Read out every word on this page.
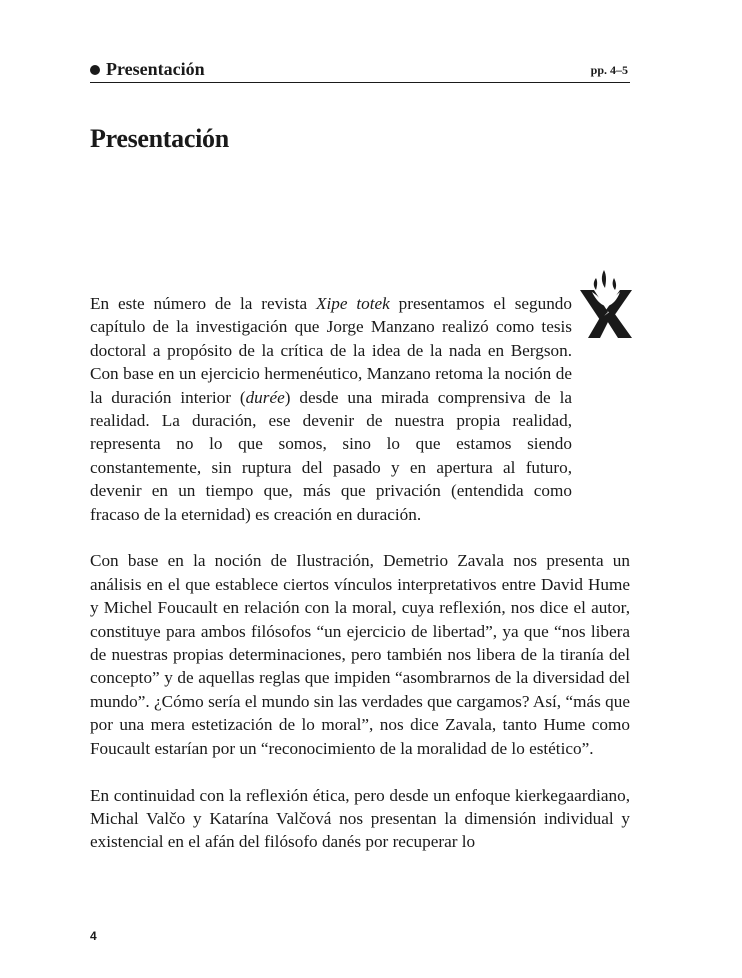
Presentación	pp. 4–5
Presentación

En este número de la revista Xipe totek presentamos el segundo capítulo de la investigación que Jorge Manzano realizó como tesis doctoral a propósito de la crítica de la idea de la nada en Bergson. Con base en un ejercicio hermenéutico, Manzano retoma la noción de la duración interior (durée) desde una mirada comprensiva de la realidad. La duración, ese devenir de nuestra propia realidad, representa no lo que somos, sino lo que estamos siendo constantemente, sin ruptura del pasado y en apertura al futuro, devenir en un tiempo que, más que privación (entendida como fracaso de la eternidad) es creación en duración.

Con base en la noción de Ilustración, Demetrio Zavala nos presenta un análisis en el que establece ciertos vínculos interpretativos entre David Hume y Michel Foucault en relación con la moral, cuya reflexión, nos dice el autor, constituye para ambos filósofos “un ejercicio de libertad”, ya que “nos libera de nuestras propias determinaciones, pero también nos libera de la tiranía del concepto” y de aquellas reglas que impiden “asombrarnos de la diversidad del mundo”. ¿Cómo sería el mundo sin las verdades que cargamos? Así, “más que por una mera estetización de lo moral”, nos dice Zavala, tanto Hume como Foucault estarían por un “reconocimiento de la moralidad de lo estético”.

En continuidad con la reflexión ética, pero desde un enfoque kierkegaardiano, Michal Valčo y Katarína Valčová nos presentan la dimensión individual y existencial en el afán del filósofo danés por recuperar lo

4
